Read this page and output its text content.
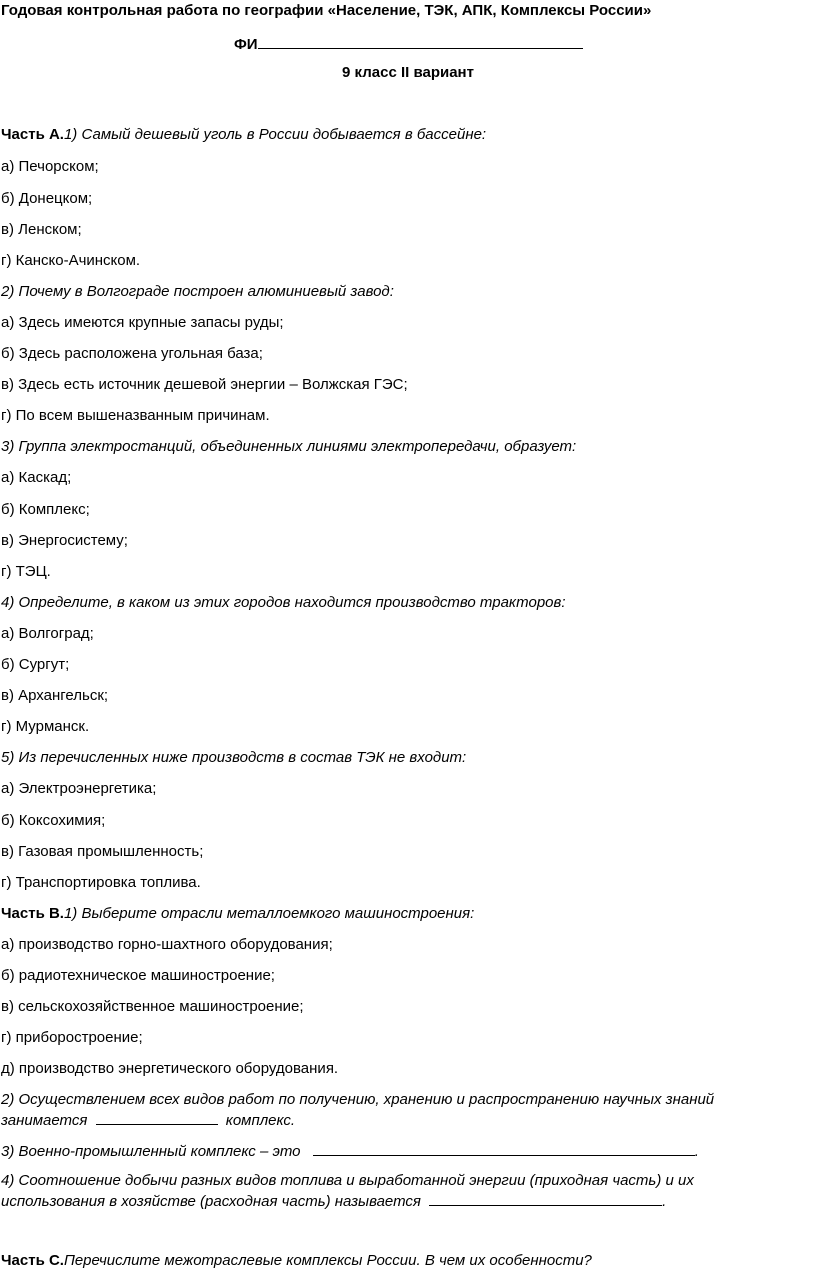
Годовая контрольная работа по географии «Население, ТЭК, АПК, Комплексы России»
ФИ
9 класс II вариант
Часть А.1) Самый дешевый уголь в России добывается в бассейне:
а) Печорском;
б) Донецком;
в) Ленском;
г) Канско-Ачинском.
2) Почему в Волгограде построен алюминиевый завод:
а) Здесь имеются крупные запасы руды;
б) Здесь расположена угольная база;
в) Здесь есть источник дешевой энергии – Волжская ГЭС;
г) По всем вышеназванным причинам.
3) Группа электростанций, объединенных линиями электропередачи, образует:
а) Каскад;
б) Комплекс;
в) Энергосистему;
г) ТЭЦ.
4) Определите, в каком из этих городов находится производство тракторов:
а) Волгоград;
б) Сургут;
в) Архангельск;
г) Мурманск.
5) Из перечисленных ниже производств в состав ТЭК не входит:
а) Электроэнергетика;
б) Коксохимия;
в) Газовая промышленность;
г) Транспортировка топлива.
Часть В.1) Выберите отрасли металлоемкого машиностроения:
а) производство горно-шахтного оборудования;
б) радиотехническое машиностроение;
в) сельскохозяйственное машиностроение;
г) приборостроение;
д) производство энергетического оборудования.
2) Осуществлением всех видов работ по получению, хранению и распространению научных знаний
занимается	комплекс.
3) Военно-промышленный комплекс – это	.
4) Соотношение добычи разных видов топлива и выработанной энергии (приходная часть) и их
использования в хозяйстве (расходная часть) называется	.
Часть С.Перечислите межотраслевые комплексы России. В чем их особенности?
